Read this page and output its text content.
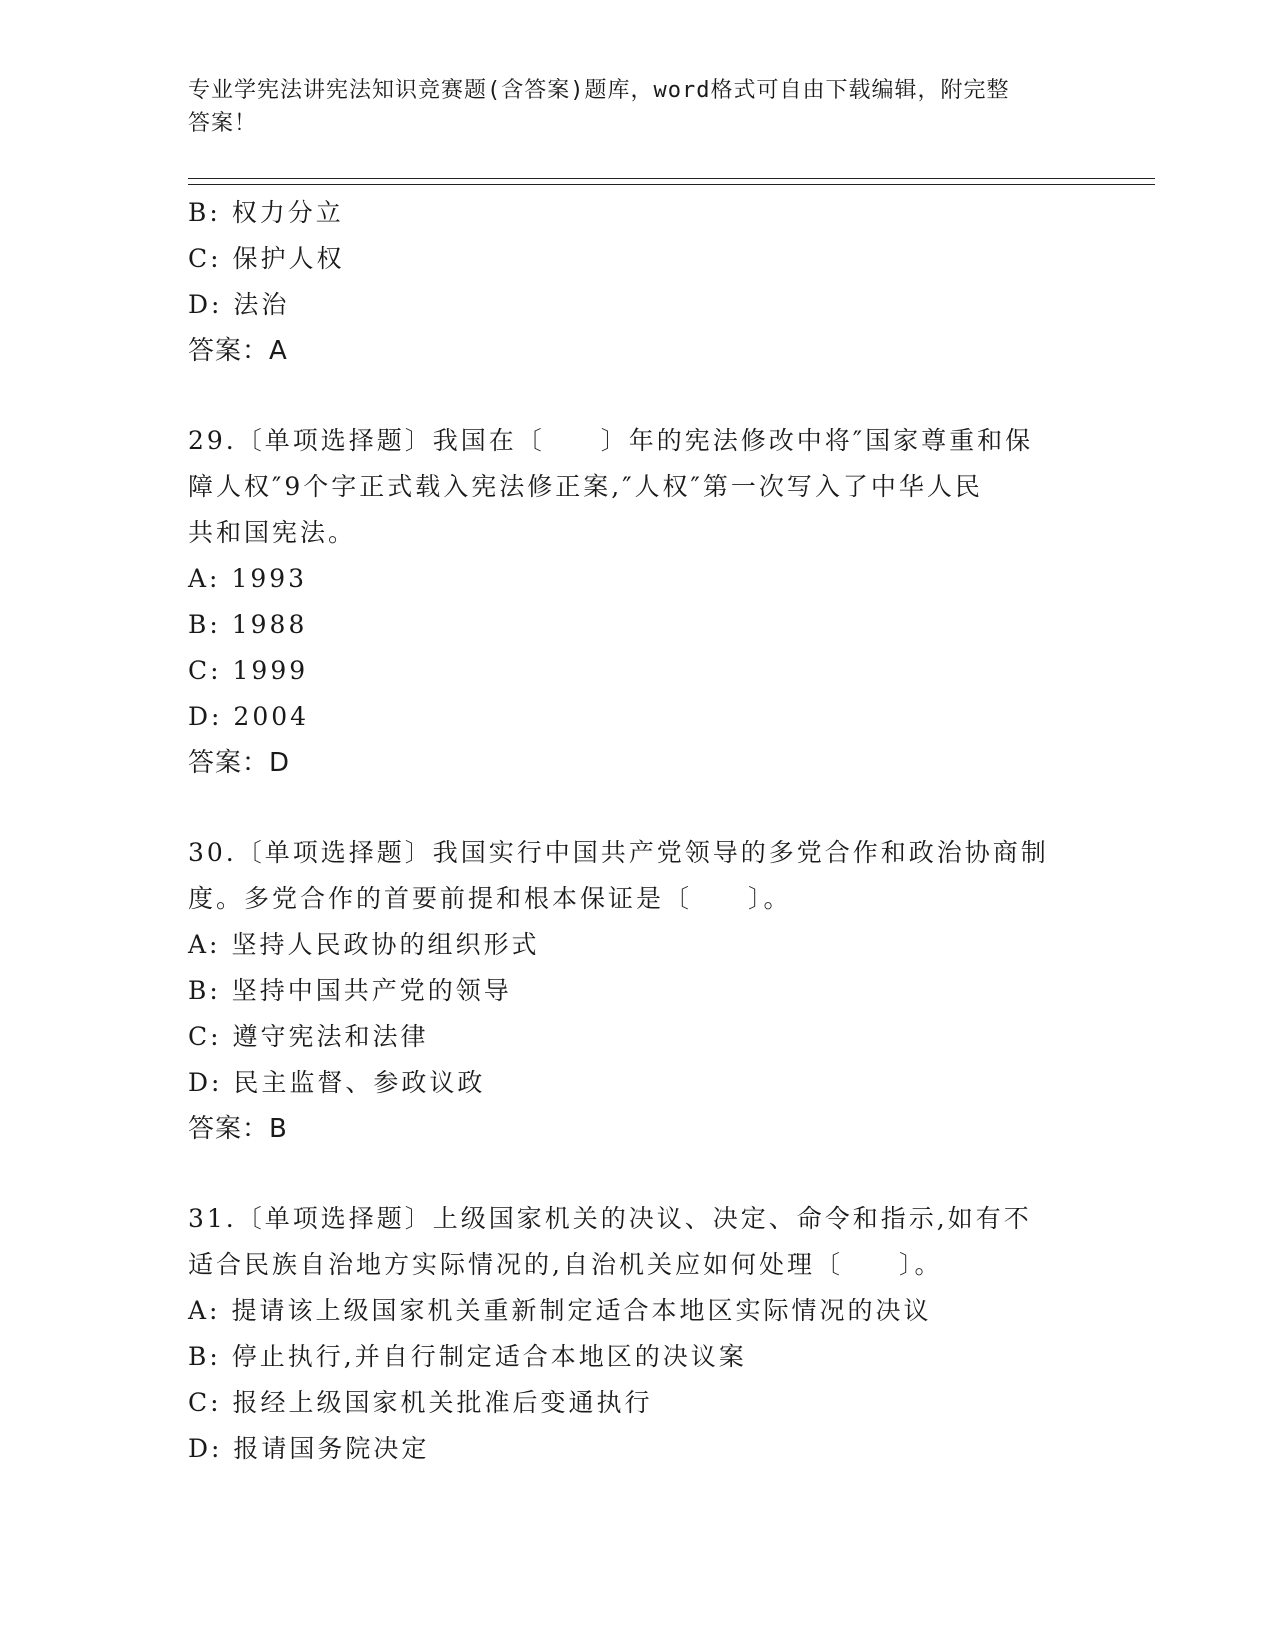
专业学宪法讲宪法知识竞赛题(含答案)题库，word格式可自由下载编辑，附完整
答案！
B: 权力分立
C: 保护人权
D: 法治
答案：A
29.〔单项选择题〕我国在〔　　〕年的宪法修改中将″国家尊重和保
障人权″9个字正式载入宪法修正案,″人权″第一次写入了中华人民
共和国宪法。
A: 1993
B: 1988
C: 1999
D: 2004
答案：D
30.〔单项选择题〕我国实行中国共产党领导的多党合作和政治协商制
度。多党合作的首要前提和根本保证是〔　　〕。
A: 坚持人民政协的组织形式
B: 坚持中国共产党的领导
C: 遵守宪法和法律
D: 民主监督、参政议政
答案：B
31.〔单项选择题〕上级国家机关的决议、决定、命令和指示,如有不
适合民族自治地方实际情况的,自治机关应如何处理〔　　〕。
A: 提请该上级国家机关重新制定适合本地区实际情况的决议
B: 停止执行,并自行制定适合本地区的决议案
C: 报经上级国家机关批准后变通执行
D: 报请国务院决定
